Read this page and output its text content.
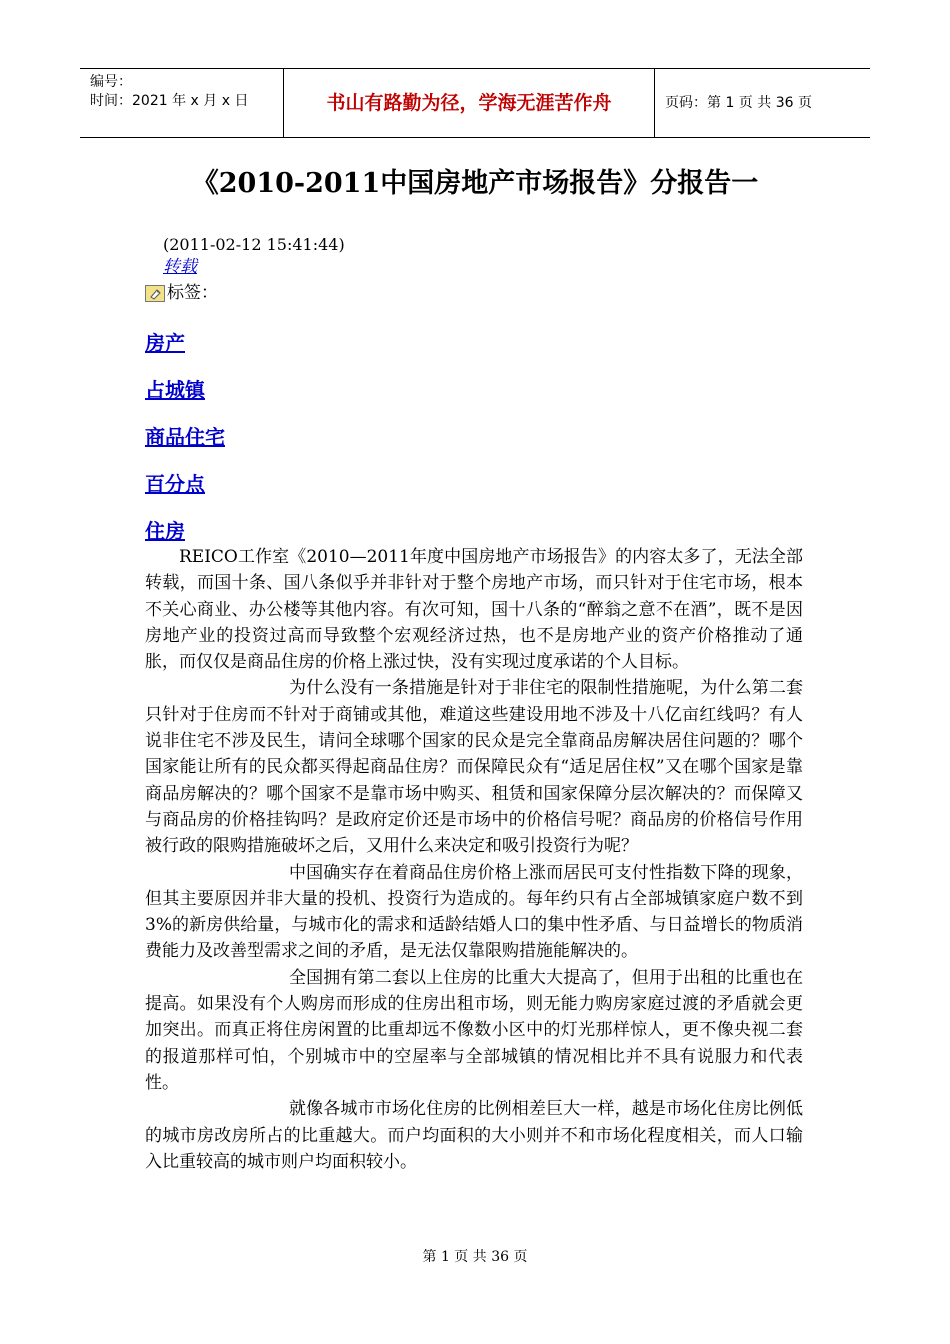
编号：
时间：2021 年 x 月 x 日	书山有路勤为径，学海无涯苦作舟	页码：第 1 页 共 36 页
《2010-2011中国房地产市场报告》分报告一
(2011-02-12 15:41:44)
转载
标签：
房产
占城镇
商品住宅
百分点
住房

REICO工作室《2010—2011年度中国房地产市场报告》的内容太多了，无法全部转载，而国十条、国八条似乎并非针对于整个房地产市场，而只针对于住宅市场，根本不关心商业、办公楼等其他内容。有次可知，国十八条的“醉翁之意不在酒”，既不是因房地产业的投资过高而导致整个宏观经济过热，也不是房地产业的资产价格推动了通胀，而仅仅是商品住房的价格上涨过快，没有实现过度承诺的个人目标。

为什么没有一条措施是针对于非住宅的限制性措施呢，为什么第二套只针对于住房而不针对于商铺或其他，难道这些建设用地不涉及十八亿亩红线吗？有人说非住宅不涉及民生，请问全球哪个国家的民众是完全靠商品房解决居住问题的？哪个国家能让所有的民众都买得起商品住房？而保障民众有“适足居住权”又在哪个国家是靠商品房解决的？哪个国家不是靠市场中购买、租赁和国家保障分层次解决的？而保障又与商品房的价格挂钩吗？是政府定价还是市场中的价格信号呢？商品房的价格信号作用被行政的限购措施破坏之后，又用什么来决定和吸引投资行为呢？

中国确实存在着商品住房价格上涨而居民可支付性指数下降的现象，但其主要原因并非大量的投机、投资行为造成的。每年约只有占全部城镇家庭户数不到3%的新房供给量，与城市化的需求和适龄结婚人口的集中性矛盾、与日益增长的物质消费能力及改善型需求之间的矛盾，是无法仅靠限购措施能解决的。

全国拥有第二套以上住房的比重大大提高了，但用于出租的比重也在提高。如果没有个人购房而形成的住房出租市场，则无能力购房家庭过渡的矛盾就会更加突出。而真正将住房闲置的比重却远不像数小区中的灯光那样惊人，更不像央视二套的报道那样可怕，个别城市中的空屋率与全部城镇的情况相比并不具有说服力和代表性。

就像各城市市场化住房的比例相差巨大一样，越是市场化住房比例低的城市房改房所占的比重越大。而户均面积的大小则并不和市场化程度相关，而人口输入比重较高的城市则户均面积较小。

第 1 页 共 36 页
